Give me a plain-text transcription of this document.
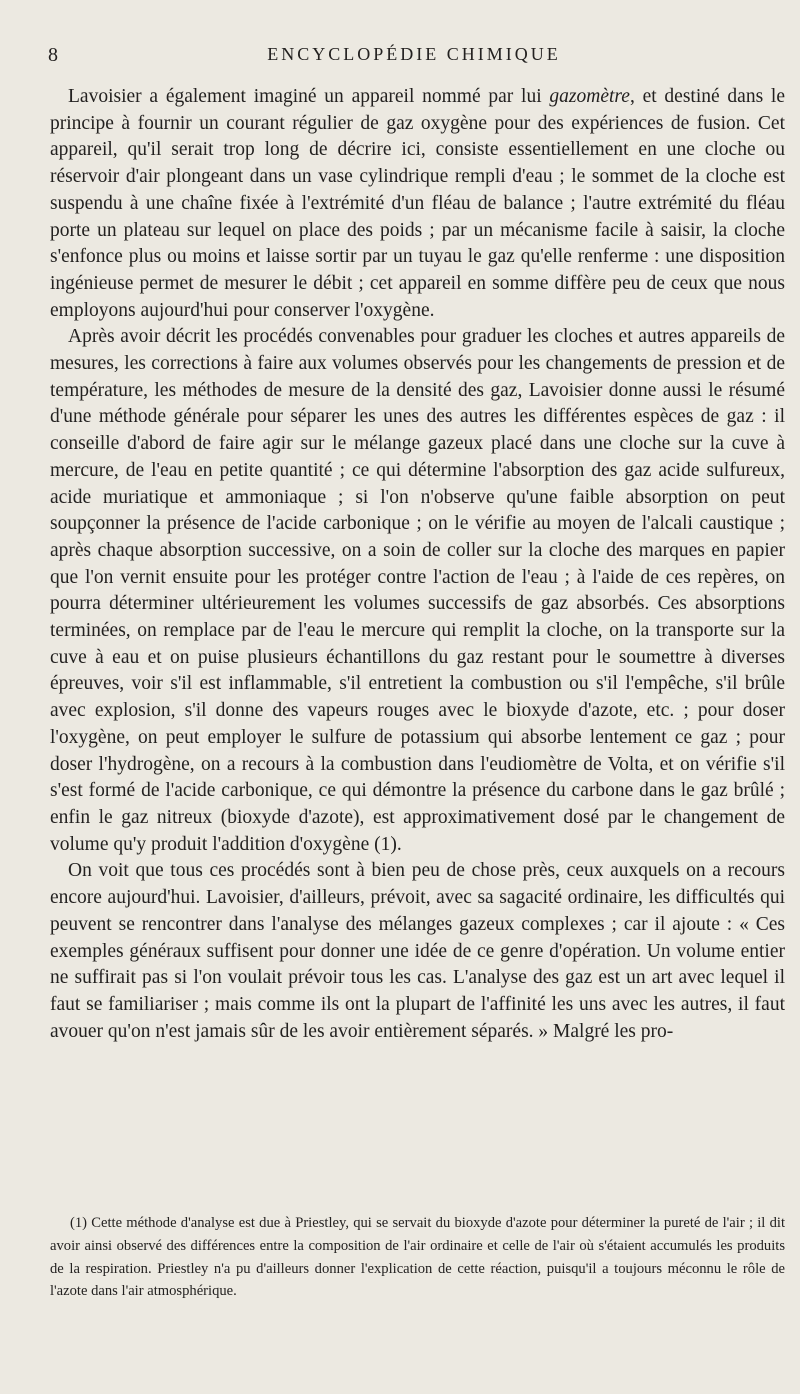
8	ENCYCLOPÉDIE CHIMIQUE

Lavoisier a également imaginé un appareil nommé par lui gazomètre, et destiné dans le principe à fournir un courant régulier de gaz oxygène pour des expériences de fusion. Cet appareil, qu'il serait trop long de décrire ici, consiste essentiellement en une cloche ou réservoir d'air plongeant dans un vase cylindrique rempli d'eau ; le sommet de la cloche est suspendu à une chaîne fixée à l'extrémité d'un fléau de balance ; l'autre extrémité du fléau porte un plateau sur lequel on place des poids ; par un mécanisme facile à saisir, la cloche s'enfonce plus ou moins et laisse sortir par un tuyau le gaz qu'elle renferme : une disposition ingénieuse permet de mesurer le débit ; cet appareil en somme diffère peu de ceux que nous employons aujourd'hui pour conserver l'oxygène.

Après avoir décrit les procédés convenables pour graduer les cloches et autres appareils de mesures, les corrections à faire aux volumes observés pour les changements de pression et de température, les méthodes de mesure de la densité des gaz, Lavoisier donne aussi le résumé d'une méthode générale pour séparer les unes des autres les différentes espèces de gaz : il conseille d'abord de faire agir sur le mélange gazeux placé dans une cloche sur la cuve à mercure, de l'eau en petite quantité ; ce qui détermine l'absorption des gaz acide sulfureux, acide muriatique et ammoniaque ; si l'on n'observe qu'une faible absorption on peut soupçonner la présence de l'acide carbonique ; on le vérifie au moyen de l'alcali caustique ; après chaque absorption successive, on a soin de coller sur la cloche des marques en papier que l'on vernit ensuite pour les protéger contre l'action de l'eau ; à l'aide de ces repères, on pourra déterminer ultérieurement les volumes successifs de gaz absorbés. Ces absorptions terminées, on remplace par de l'eau le mercure qui remplit la cloche, on la transporte sur la cuve à eau et on puise plusieurs échantillons du gaz restant pour le soumettre à diverses épreuves, voir s'il est inflammable, s'il entretient la combustion ou s'il l'empêche, s'il brûle avec explosion, s'il donne des vapeurs rouges avec le bioxyde d'azote, etc. ; pour doser l'oxygène, on peut employer le sulfure de potassium qui absorbe lentement ce gaz ; pour doser l'hydrogène, on a recours à la combustion dans l'eudiomètre de Volta, et on vérifie s'il s'est formé de l'acide carbonique, ce qui démontre la présence du carbone dans le gaz brûlé ; enfin le gaz nitreux (bioxyde d'azote), est approximativement dosé par le changement de volume qu'y produit l'addition d'oxygène (1).

On voit que tous ces procédés sont à bien peu de chose près, ceux auxquels on a recours encore aujourd'hui. Lavoisier, d'ailleurs, prévoit, avec sa sagacité ordinaire, les difficultés qui peuvent se rencontrer dans l'analyse des mélanges gazeux complexes ; car il ajoute : « Ces exemples généraux suffisent pour donner une idée de ce genre d'opération. Un volume entier ne suffirait pas si l'on voulait prévoir tous les cas. L'analyse des gaz est un art avec lequel il faut se familiariser ; mais comme ils ont la plupart de l'affinité les uns avec les autres, il faut avouer qu'on n'est jamais sûr de les avoir entièrement séparés. » Malgré les pro-

(1) Cette méthode d'analyse est due à Priestley, qui se servait du bioxyde d'azote pour déterminer la pureté de l'air ; il dit avoir ainsi observé des différences entre la composition de l'air ordinaire et celle de l'air où s'étaient accumulés les produits de la respiration. Priestley n'a pu d'ailleurs donner l'explication de cette réaction, puisqu'il a toujours méconnu le rôle de l'azote dans l'air atmosphérique.
